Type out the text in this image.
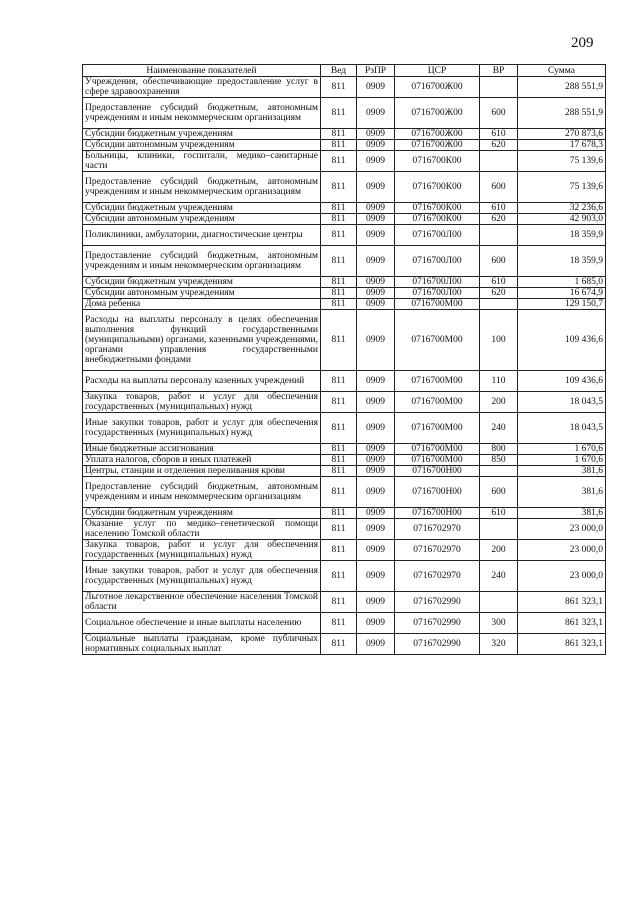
209
Наименование показателей	Вед	РзПР	ЦСР	ВР	Сумма
Учреждения, обеспечивающие предоставление услуг в сфере здравоохранения	811	0909	0716700Ж00		288 551,9
Предоставление субсидий бюджетным, автономным учреждениям и иным некоммерческим организациям	811	0909	0716700Ж00	600	288 551,9
Субсидии бюджетным учреждениям	811	0909	0716700Ж00	610	270 873,6
Субсидии автономным учреждениям	811	0909	0716700Ж00	620	17 678,3
Больницы, клиники, госпитали, медико–санитарные части	811	0909	0716700К00		75 139,6
Предоставление субсидий бюджетным, автономным учреждениям и иным некоммерческим организациям	811	0909	0716700К00	600	75 139,6
Субсидии бюджетным учреждениям	811	0909	0716700К00	610	32 236,6
Субсидии автономным учреждениям	811	0909	0716700К00	620	42 903,0
Поликлиники, амбулатории, диагностические центры	811	0909	0716700Л00		18 359,9
Предоставление субсидий бюджетным, автономным учреждениям и иным некоммерческим организациям	811	0909	0716700Л00	600	18 359,9
Субсидии бюджетным учреждениям	811	0909	0716700Л00	610	1 685,0
Субсидии автономным учреждениям	811	0909	0716700Л00	620	16 674,9
Дома ребенка	811	0909	0716700М00		129 150,7
Расходы на выплаты персоналу в целях обеспечения выполнения функций государственными (муниципальными) органами, казенными учреждениями, органами управления государственными внебюджетными фондами	811	0909	0716700М00	100	109 436,6
Расходы на выплаты персоналу казенных учреждений	811	0909	0716700М00	110	109 436,6
Закупка товаров, работ и услуг для обеспечения государственных (муниципальных) нужд	811	0909	0716700М00	200	18 043,5
Иные закупки товаров, работ и услуг для обеспечения государственных (муниципальных) нужд	811	0909	0716700М00	240	18 043,5
Иные бюджетные ассигнования	811	0909	0716700М00	800	1 670,6
Уплата налогов, сборов и иных платежей	811	0909	0716700М00	850	1 670,6
Центры, станции и отделения переливания крови	811	0909	0716700Н00		381,6
Предоставление субсидий бюджетным, автономным учреждениям и иным некоммерческим организациям	811	0909	0716700Н00	600	381,6
Субсидии бюджетным учреждениям	811	0909	0716700Н00	610	381,6
Оказание услуг по медико–генетической помощи населению Томской области	811	0909	0716702970		23 000,0
Закупка товаров, работ и услуг для обеспечения государственных (муниципальных) нужд	811	0909	0716702970	200	23 000,0
Иные закупки товаров, работ и услуг для обеспечения государственных (муниципальных) нужд	811	0909	0716702970	240	23 000,0
Льготное лекарственное обеспечение населения Томской области	811	0909	0716702990		861 323,1
Социальное обеспечение и иные выплаты населению	811	0909	0716702990	300	861 323,1
Социальные выплаты гражданам, кроме публичных нормативных социальных выплат	811	0909	0716702990	320	861 323,1
